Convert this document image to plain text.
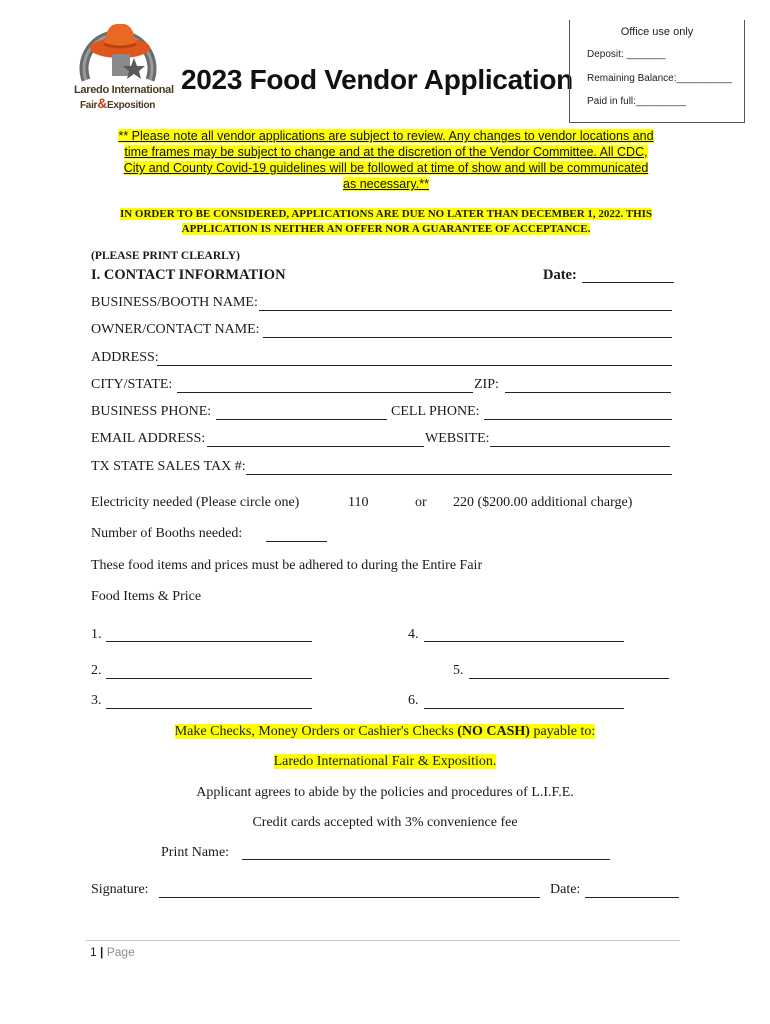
Laredo International
Fair&Exposition
2023 Food Vendor Application
Office use only
Deposit: _______
Remaining Balance:__________
Paid in full:_________
** Please note all vendor applications are subject to review. Any changes to vendor locations and
time frames may be subject to change and at the discretion of the Vendor Committee. All CDC,
City and County Covid-19 guidelines will be followed at time of show and will be communicated
as necessary.**
IN ORDER TO BE CONSIDERED, APPLICATIONS ARE DUE NO LATER THAN DECEMBER 1, 2022. THIS
APPLICATION IS NEITHER AN OFFER NOR A GUARANTEE OF ACCEPTANCE.
(PLEASE PRINT CLEARLY)
I. CONTACT INFORMATION	Date:
BUSINESS/BOOTH NAME:
OWNER/CONTACT NAME:
ADDRESS:
CITY/STATE:	ZIP:
BUSINESS PHONE:	CELL PHONE:
EMAIL ADDRESS:	WEBSITE:
TX STATE SALES TAX #:
Electricity needed (Please circle one)	110	or 220 ($200.00 additional charge)
Number of Booths needed:
These food items and prices must be adhered to during the Entire Fair
Food Items & Price
1.
2.
3.
4.
5.
6.
Make Checks, Money Orders or Cashier's Checks (NO CASH) payable to:
Laredo International Fair & Exposition.
Applicant agrees to abide by the policies and procedures of L.I.F.E.
Credit cards accepted with 3% convenience fee
Print Name:
Signature:	Date:
1 | Page
